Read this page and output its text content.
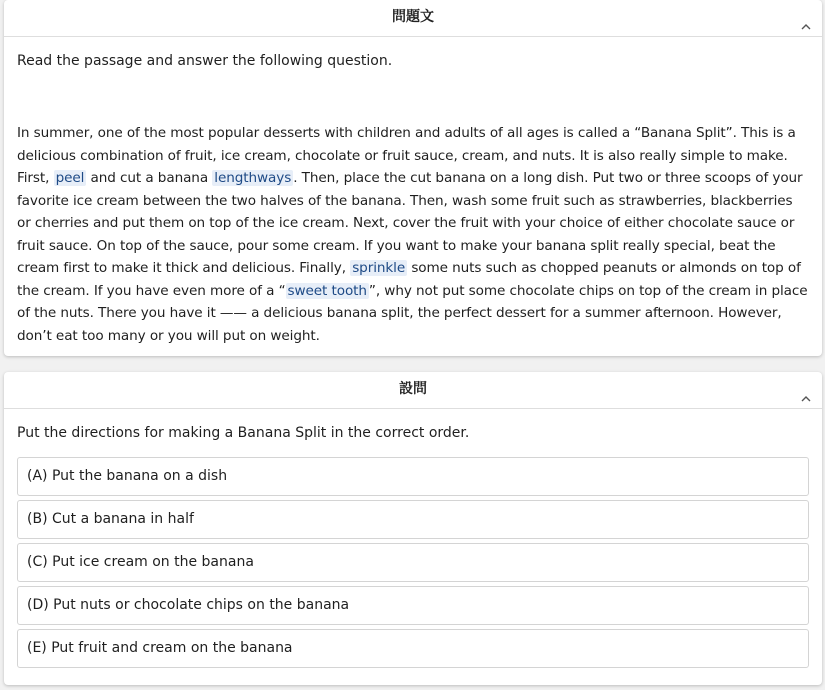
問題文

Read the passage and answer the following question.

In summer, one of the most popular desserts with children and adults of all ages is called a “Banana Split”. This is a delicious combination of fruit, ice cream, chocolate or fruit sauce, cream, and nuts. It is also really simple to make. First, peel and cut a banana lengthways . Then, place the cut banana on a long dish. Put two or three scoops of your favorite ice cream between the two halves of the banana. Then, wash some fruit such as strawberries, blackberries or cherries and put them on top of the ice cream. Next, cover the fruit with your choice of either chocolate sauce or fruit sauce. On top of the sauce, pour some cream. If you want to make your banana split really special, beat the cream first to make it thick and delicious. Finally, sprinkle some nuts such as chopped peanuts or almonds on top of the cream. If you have even more of a “ sweet tooth ”, why not put some chocolate chips on top of the cream in place of the nuts. There you have it —— a delicious banana split, the perfect dessert for a summer afternoon. However, don’t eat too many or you will put on weight.

設問

Put the directions for making a Banana Split in the correct order.

(A) Put the banana on a dish
(B) Cut a banana in half
(C) Put ice cream on the banana
(D) Put nuts or chocolate chips on the banana
(E) Put fruit and cream on the banana
